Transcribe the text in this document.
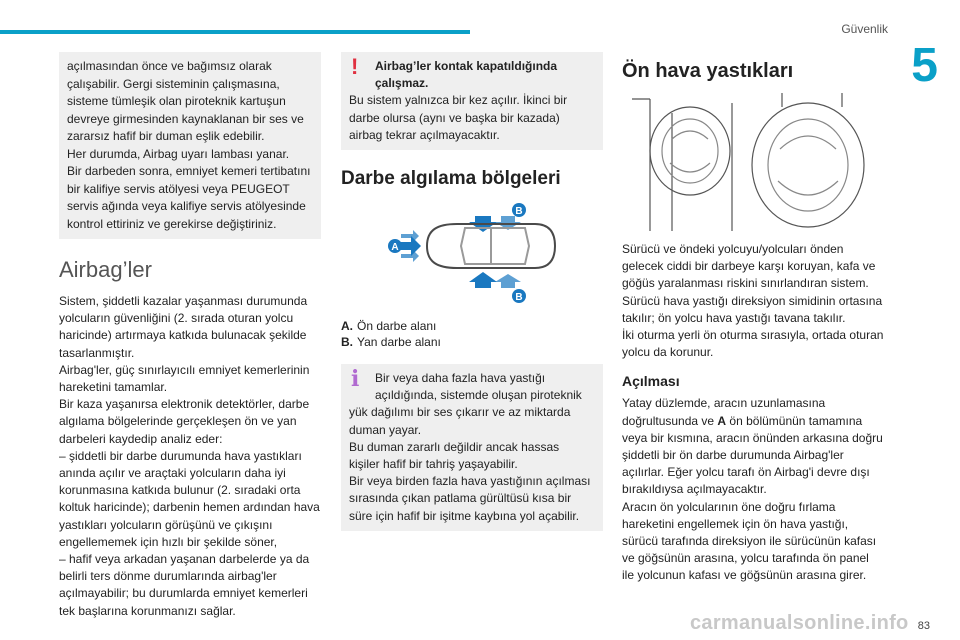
Güvenlik
5

açılmasından önce ve bağımsız olarak çalışabilir. Gergi sisteminin çalışmasına, sisteme tümleşik olan piroteknik kartuşun devreye girmesinden kaynaklanan bir ses ve zararsız hafif bir duman eşlik edebilir.
Her durumda, Airbag uyarı lambası yanar.
Bir darbeden sonra, emniyet kemeri tertibatını bir kalifiye servis atölyesi veya PEUGEOT servis ağında veya kalifiye servis atölyesinde kontrol ettiriniz ve gerekirse değiştiriniz.

Airbag’ler

Sistem, şiddetli kazalar yaşanması durumunda yolcuların güvenliğini (2. sırada oturan yolcu haricinde) artırmaya katkıda bulunacak şekilde tasarlanmıştır.
Airbag'ler, güç sınırlayıcılı emniyet kemerlerinin hareketini tamamlar.
Bir kaza yaşanırsa elektronik detektörler, darbe algılama bölgelerinde gerçekleşen ön ve yan darbeleri kaydedip analiz eder:
– şiddetli bir darbe durumunda hava yastıkları anında açılır ve araçtaki yolcuların daha iyi korunmasına katkıda bulunur (2. sıradaki orta koltuk haricinde); darbenin hemen ardından hava yastıkları yolcuların görüşünü ve çıkışını engellememek için hızlı bir şekilde söner,
– hafif veya arkadan yaşanan darbelerde ya da belirli ters dönme durumlarında airbag'ler açılmayabilir; bu durumlarda emniyet kemerleri tek başlarına korunmanızı sağlar.

!	Airbag’ler kontak kapatıldığında çalışmaz.

Bu sistem yalnızca bir kez açılır. İkinci bir darbe olursa (aynı ve başka bir kazada) airbag tekrar açılmayacaktır.

Darbe algılama bölgeleri
A
B
B
A. Ön darbe alanı
B. Yan darbe alanı
i	Bir veya daha fazla hava yastığı açıldığında, sistemde oluşan piroteknik

yük dağılımı bir ses çıkarır ve az miktarda duman yayar.
Bu duman zararlı değildir ancak hassas kişiler hafif bir tahriş yaşayabilir.
Bir veya birden fazla hava yastığının açılması sırasında çıkan patlama gürültüsü kısa bir süre için hafif bir işitme kaybına yol açabilir.

Ön hava yastıkları

Sürücü ve öndeki yolcuyu/yolcuları önden gelecek ciddi bir darbeye karşı koruyan, kafa ve göğüs yaralanması riskini sınırlandıran sistem.
Sürücü hava yastığı direksiyon simidinin ortasına takılır; ön yolcu hava yastığı tavana takılır.
İki oturma yerli ön oturma sırasıyla, ortada oturan yolcu da korunur.

Açılması

Yatay düzlemde, aracın uzunlamasına doğrultusunda ve A ön bölümünün tamamına veya bir kısmına, aracın önünden arkasına doğru şiddetli bir ön darbe durumunda Airbag'ler açılırlar. Eğer yolcu tarafı ön Airbag'i devre dışı bırakıldıysa açılmayacaktır.
Aracın ön yolcularının öne doğru fırlama hareketini engellemek için ön hava yastığı, sürücü tarafında direksiyon ile sürücünün kafası ve göğsünün arasına, yolcu tarafında ön panel ile yolcunun kafası ve göğsünün arasına girer.

carmanualsonline.info 83
